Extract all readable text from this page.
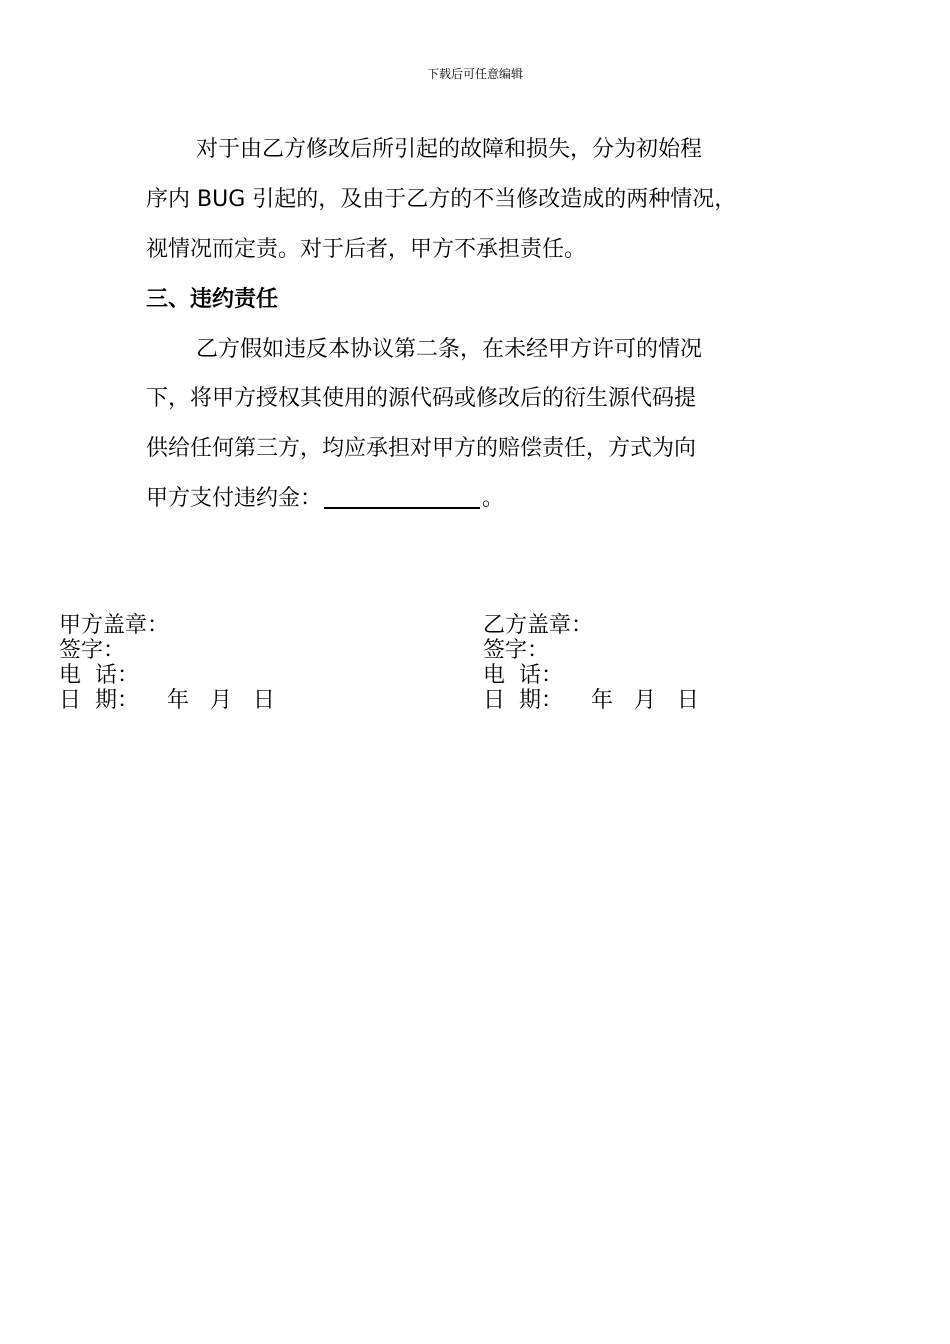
下载后可任意编辑
对于由乙方修改后所引起的故障和损失，分为初始程
序内 BUG 引起的，及由于乙方的不当修改造成的两种情况，
视情况而定责。对于后者，甲方不承担责任。
三、违约责任
乙方假如违反本协议第二条，在未经甲方许可的情况
下，将甲方授权其使用的源代码或修改后的衍生源代码提
供给任何第三方，均应承担对甲方的赔偿责任，方式为向
甲方支付违约金：	。
甲方盖章：
签字：
电  话：
日  期：    年   月   日
乙方盖章：
签字：
电  话：
日  期：    年   月   日
